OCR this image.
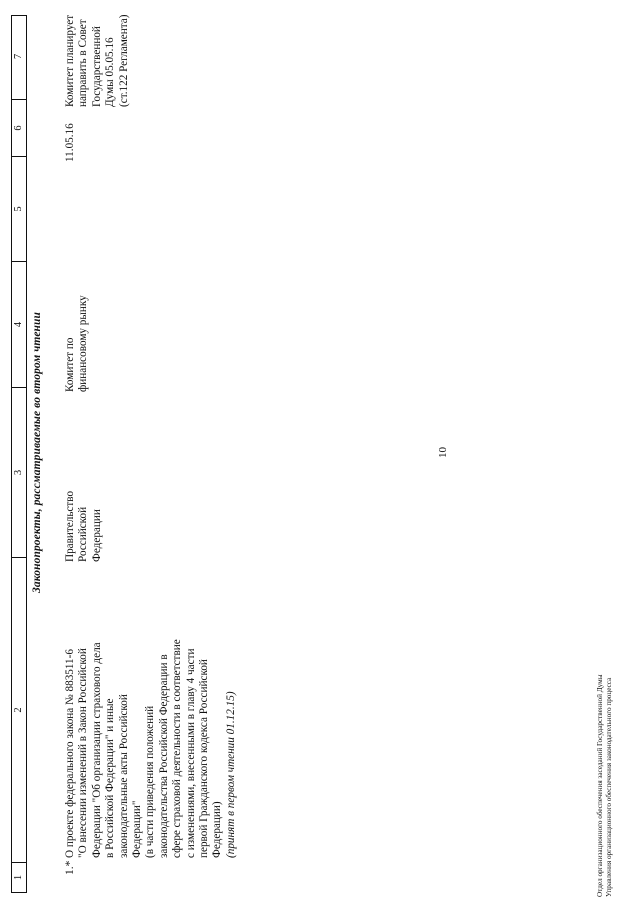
10
1
2
3
4
5
6
7
Законопроекты, рассматриваемые во втором чтении
1.*
О проекте федерального закона № 883511-6 "О внесении изменений в Закон Российской Федерации "Об организации страхового дела в Российской Федерации" и иные законодательные акты Российской Федерации" (в части приведения положений законодательства Российской Федерации в сфере страховой деятельности в соответствие с изменениями, внесенными в главу 4 части первой Гражданского кодекса Российской Федерации) (принят в первом чтении 01.12.15)
Правительство Российской Федерации
Комитет по финансовому рынку
11.05.16
Комитет планирует направить в Совет Государственной Думы 05.05.16 (ст.122 Регламента)
Отдел организационного обеспечения заседаний Государственной Думы Управления организационного обеспечения законодательного процесса
